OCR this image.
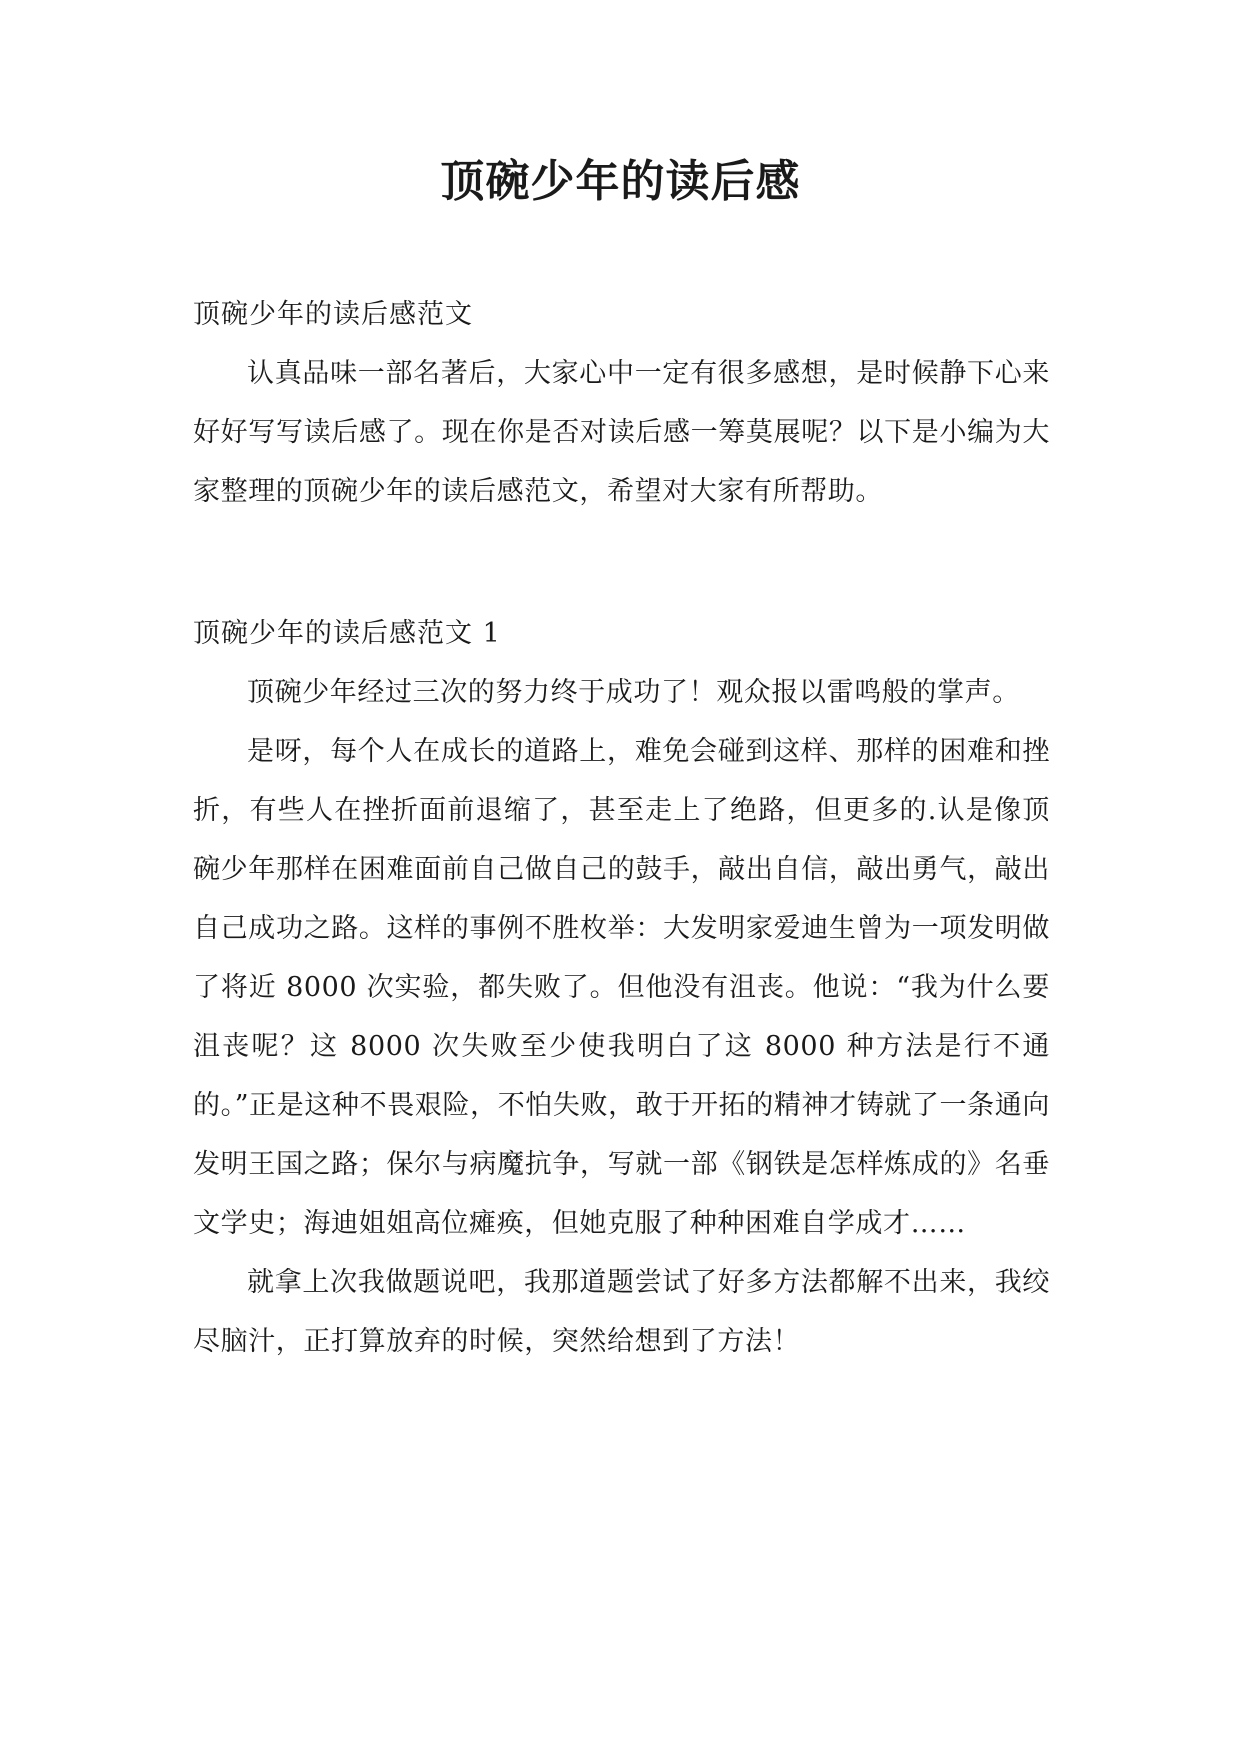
顶碗少年的读后感

顶碗少年的读后感范文

认真品味一部名著后，大家心中一定有很多感想，是时候静下心来好好写写读后感了。现在你是否对读后感一筹莫展呢？以下是小编为大家整理的顶碗少年的读后感范文，希望对大家有所帮助。

顶碗少年的读后感范文 1

顶碗少年经过三次的努力终于成功了！观众报以雷鸣般的掌声。

是呀，每个人在成长的道路上，难免会碰到这样、那样的困难和挫折，有些人在挫折面前退缩了，甚至走上了绝路，但更多的.认是像顶碗少年那样在困难面前自己做自己的鼓手，敲出自信，敲出勇气，敲出自己成功之路。这样的事例不胜枚举：大发明家爱迪生曾为一项发明做了将近 8000 次实验，都失败了。但他没有沮丧。他说：“我为什么要沮丧呢？这 8000 次失败至少使我明白了这 8000 种方法是行不通的。”正是这种不畏艰险，不怕失败，敢于开拓的精神才铸就了一条通向发明王国之路；保尔与病魔抗争，写就一部《钢铁是怎样炼成的》名垂文学史；海迪姐姐高位瘫痪，但她克服了种种困难自学成才……

就拿上次我做题说吧，我那道题尝试了好多方法都解不出来，我绞尽脑汁，正打算放弃的时候，突然给想到了方法！
